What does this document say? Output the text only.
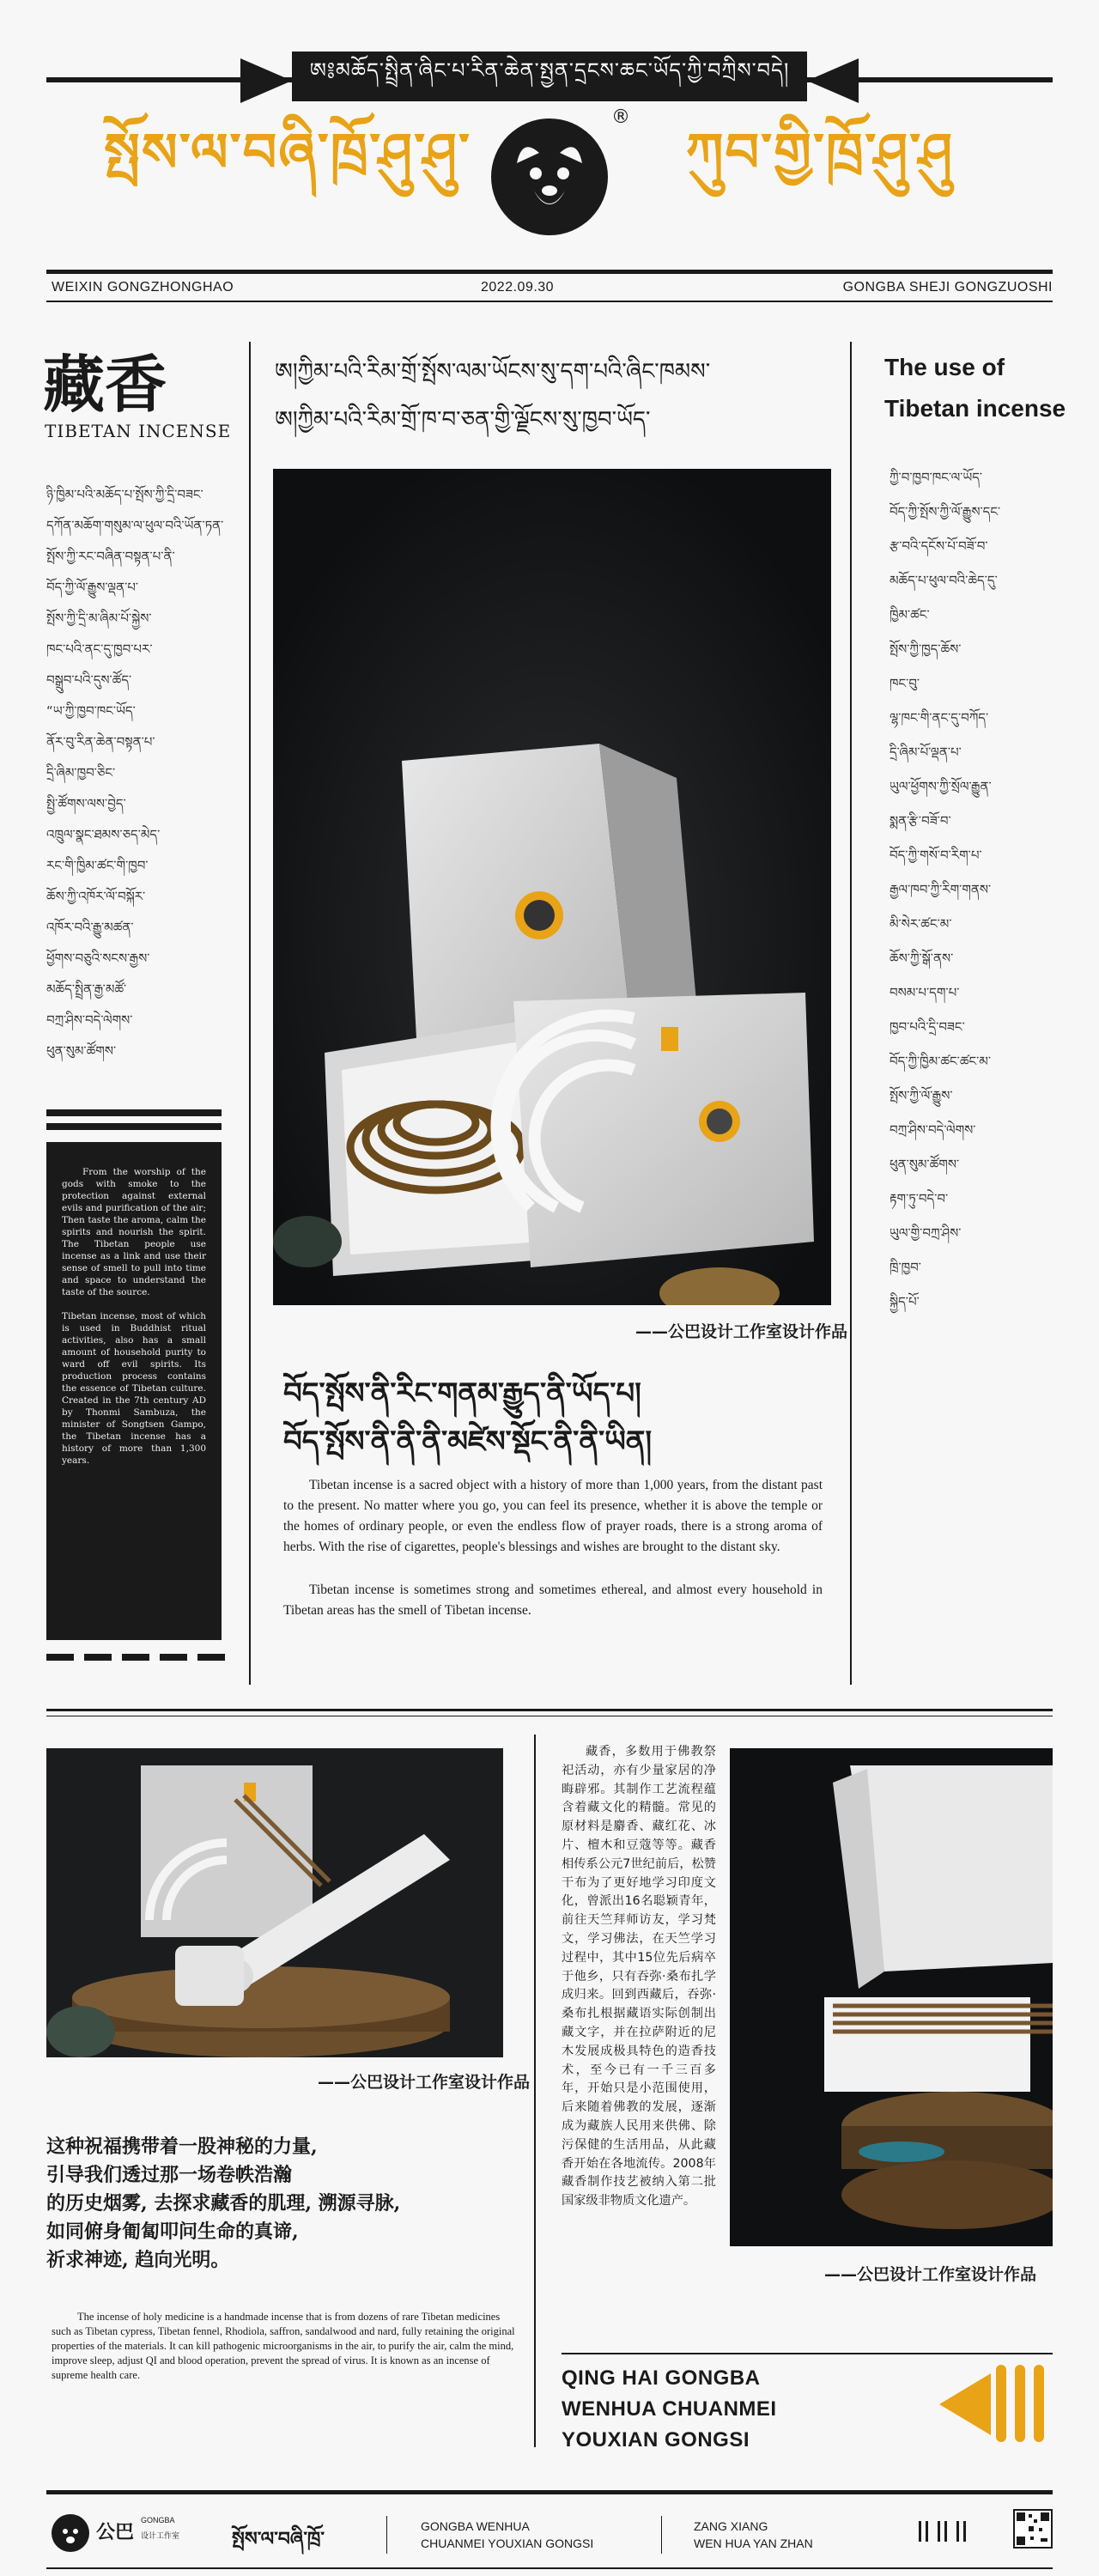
ཨ༔མཆོད་སྤྲིན་ཞིང་པ་རིན་ཆེན་སྤྱན་དྲངས་ཆང་ཡོད་ཀྱི་བཀྲིས་བདེ།
སྤོས་ལ་བཞི་ཁྲོ་ཤུ་ཤུ་	ཀུབ་གྱི་ཁྲོ་ཤུ་ཤུ
®
WEIXIN GONGZHONGHAO	2022.09.30	GONGBA SHEJI GONGZUOSHI
藏香
TIBETAN INCENSE
ཉི་ཁྱིམ་པའི་མཆོད་པ་སྤོས་ཀྱི་དྲི་བཟང་
དཀོན་མཆོག་གསུམ་ལ་ཕུལ་བའི་ཡོན་ཏན་
སྤོས་ཀྱི་རང་བཞིན་བསྟན་པ་ནི་
བོད་ཀྱི་ལོ་རྒྱུས་ལྡན་པ་
སྤོས་ཀྱི་དྲི་མ་ཞིམ་པོ་སྐྱེས་
ཁང་པའི་ནང་དུ་ཁྱབ་པར་
བསྒྲུབ་པའི་དུས་ཚོད་
“ཡ་ཀྱི་ཁྱབ་ཁང་ཡོད་
ནོར་བུ་རིན་ཆེན་བསྟན་པ་
དྲི་ཞིམ་ཁྱབ་ཅིང་
སྤྱི་ཚོགས་ལས་བྱེད་
འཁྲུལ་སྣང་ཐམས་ཅད་མེད་
རང་གི་ཁྱིམ་ཚང་གི་ཁྱབ་
ཆོས་ཀྱི་འཁོར་ལོ་བསྐོར་
འཁོར་བའི་རྒྱུ་མཚན་
ཕྱོགས་བཅུའི་སངས་རྒྱས་
མཆོད་སྤྲིན་རྒྱ་མཚོ་
བཀྲ་ཤིས་བདེ་ལེགས་
ཕུན་སུམ་ཚོགས་

From the worship of the gods with smoke to the protection against external evils and purification of the air; Then taste the aroma, calm the spirits and nourish the spirit. The Tibetan people use incense as a link and use their sense of smell to pull into time and space to understand the taste of the source.

Tibetan incense, most of which is used in Buddhist ritual activities, also has a small amount of household purity to ward off evil spirits. Its production process contains the essence of Tibetan culture. Created in the 7th century AD by Thonmi Sambuza, the minister of Songtsen Gampo, the Tibetan incense has a history of more than 1,300 years.

ཨ།ཀྱིམ་པའི་རིམ་གྲོ་སྤོས་ལམ་ཡོངས་སུ་དག་པའི་ཞིང་ཁམས་
ཨ།ཀྱིམ་པའི་རིམ་གྲོ་ཁ་བ་ཅན་གྱི་ལྗོངས་སུ་ཁྱབ་ཡོད་
——公巴设计工作室设计作品
བོད་སྤོས་ནི་རིང་གནམ་རྒྱུད་ནི་ཡོད་པ།
བོད་སྤོས་ནི་ནི་ནི་མཛེས་སྡོང་ནི་ནི་ཡིན།

Tibetan incense is a sacred object with a history of more than 1,000 years, from the distant past to the present. No matter where you go, you can feel its presence, whether it is above the temple or the homes of ordinary people, or even the endless flow of prayer roads, there is a strong aroma of herbs. With the rise of cigarettes, people's blessings and wishes are brought to the distant sky.

Tibetan incense is sometimes strong and sometimes ethereal, and almost every household in Tibetan areas has the smell of Tibetan incense.

The use of
Tibetan incense
ཀྱི་བ་ཁྱབ་ཁང་ལ་ཡོད་
བོད་ཀྱི་སྤོས་ཀྱི་ལོ་རྒྱུས་དང་
རྩ་བའི་དངོས་པོ་བཟོ་བ་
མཆོད་པ་ཕུལ་བའི་ཆེད་དུ་
ཁྱིམ་ཚང་
སྤོས་ཀྱི་ཁྱད་ཆོས་
ཁང་བུ་
ལྷ་ཁང་གི་ནང་དུ་བཀོད་
དྲི་ཞིམ་པོ་ལྡན་པ་
ཡུལ་ཕྱོགས་ཀྱི་སྲོལ་རྒྱུན་
སྨན་རྩི་བཟོ་བ་
བོད་ཀྱི་གསོ་བ་རིག་པ་
རྒྱལ་ཁབ་ཀྱི་རིག་གནས་
མི་སེར་ཚང་མ་
ཆོས་ཀྱི་སྒོ་ནས་
བསམ་པ་དག་པ་
ཁྱབ་པའི་དྲི་བཟང་
བོད་ཀྱི་ཁྱིམ་ཚང་ཚང་མ་
སྤོས་ཀྱི་ལོ་རྒྱུས་
བཀྲ་ཤིས་བདེ་ལེགས་
ཕུན་སུམ་ཚོགས་
རྟག་ཏུ་བདེ་བ་
ཡུལ་གྱི་བཀྲ་ཤིས་
ཁྲི་ཁྱབ་
སྐྱིད་པོ་
——公巴设计工作室设计作品
这种祝福携带着一股神秘的力量,
引导我们透过那一场卷帙浩瀚
的历史烟雾, 去探求藏香的肌理, 溯源寻脉,
如同俯身匍匐叩问生命的真谛,
祈求神迹, 趋向光明。

The incense of holy medicine is a handmade incense that is from dozens of rare Tibetan medicines such as Tibetan cypress, Tibetan fennel, Rhodiola, saffron, sandalwood and nard, fully retaining the original properties of the materials. It can kill pathogenic microorganisms in the air, to purify the air, calm the mind, improve sleep, adjust QI and blood operation, prevent the spread of virus. It is known as an incense of supreme health care.

藏香，多数用于佛教祭祀活动，亦有少量家居的净晦辟邪。其制作工艺流程蕴含着藏文化的精髓。常见的原材料是麝香、藏红花、冰片、檀木和豆蔻等等。藏香相传系公元7世纪前后，松赞干布为了更好地学习印度文化，曾派出16名聪颖青年，前往天竺拜师访友，学习梵文，学习佛法，在天竺学习过程中，其中15位先后病卒于他乡，只有吞弥·桑布扎学成归来。回到西藏后，吞弥·桑布扎根据藏语实际创制出藏文字，并在拉萨附近的尼木发展成极具特色的造香技术，至今已有一千三百多年，开始只是小范围使用，后来随着佛教的发展，逐渐成为藏族人民用来供佛、除污保健的生活用品，从此藏香开始在各地流传。2008年藏香制作技艺被纳入第二批国家级非物质文化遗产。

——公巴设计工作室设计作品
QING HAI GONGBA
WENHUA CHUANMEI
YOUXIAN GONGSI
公巴
GONGBA
设计工作室	སྤོས་ལ་བཞི་ཁྲོ་
GONGBA WENHUA
CHUANMEI YOUXIAN GONGSI
ZANG XIANG
WEN HUA YAN ZHAN
